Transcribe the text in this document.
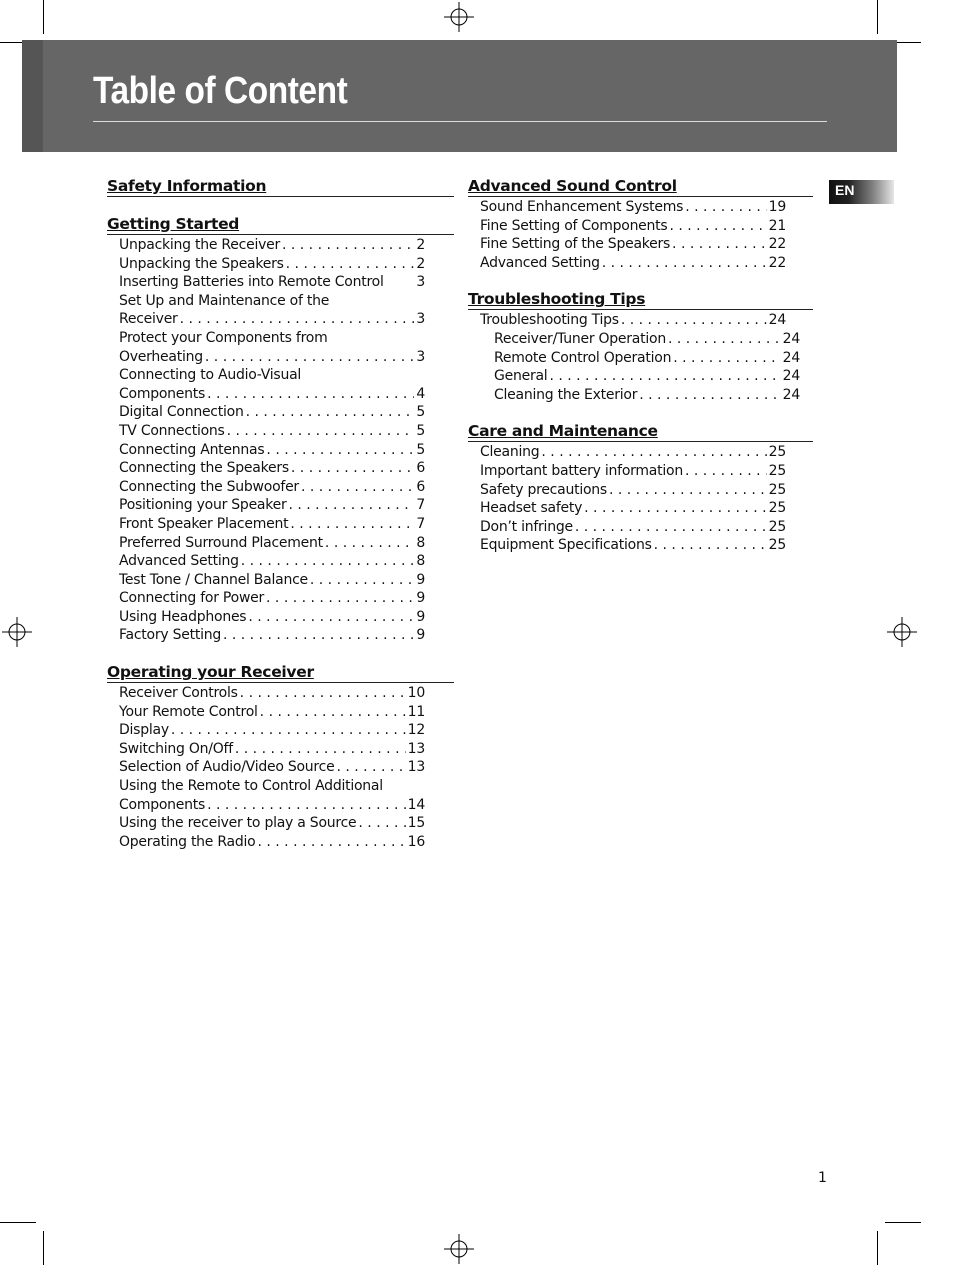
Table of Content
EN
Safety Information
Getting Started
Unpacking the Receiver . . .	2
Unpacking the Speakers . . .	2
Inserting Batteries into Remote Control 3
Set Up and Maintenance of the
Receiver . . .	3
Protect your Components from
Overheating . . .	3
Connecting to Audio-Visual
Components . . .	4
Digital Connection . . .	5
TV Connections . . .	5
Connecting Antennas . . .	5
Connecting the Speakers . . .	6
Connecting the Subwoofer . . .	6
Positioning your Speaker . . .	7
Front Speaker Placement . . .	7
Preferred Surround Placement . . .	8
Advanced Setting . . .	8
Test Tone / Channel Balance . . .	9
Connecting for Power . . .	9
Using Headphones . . .	9
Factory Setting . . .	9
Operating your Receiver
Receiver Controls . . .	10
Your Remote Control . . .	11
Display . . .	12
Switching On/Off . . .	13
Selection of Audio/Video Source . . .	13
Using the Remote to Control Additional
Components . . .	14
Using the receiver to play a Source . . .	15
Operating the Radio . . .	16
Advanced Sound Control
Sound Enhancement Systems . . .	19
Fine Setting of Components . . .	21
Fine Setting of the Speakers . . .	22
Advanced Setting . . .	22
Troubleshooting Tips
Troubleshooting Tips . . .	24
Receiver/Tuner Operation . . .	24
Remote Control Operation . . .	24
General . . .	24
Cleaning the Exterior . . .	24
Care and Maintenance
Cleaning . . .	25
Important battery information . . .	25
Safety precautions . . .	25
Headset safety . . .	25
Don’t infringe . . .	25
Equipment Specifications . . .	25
1
